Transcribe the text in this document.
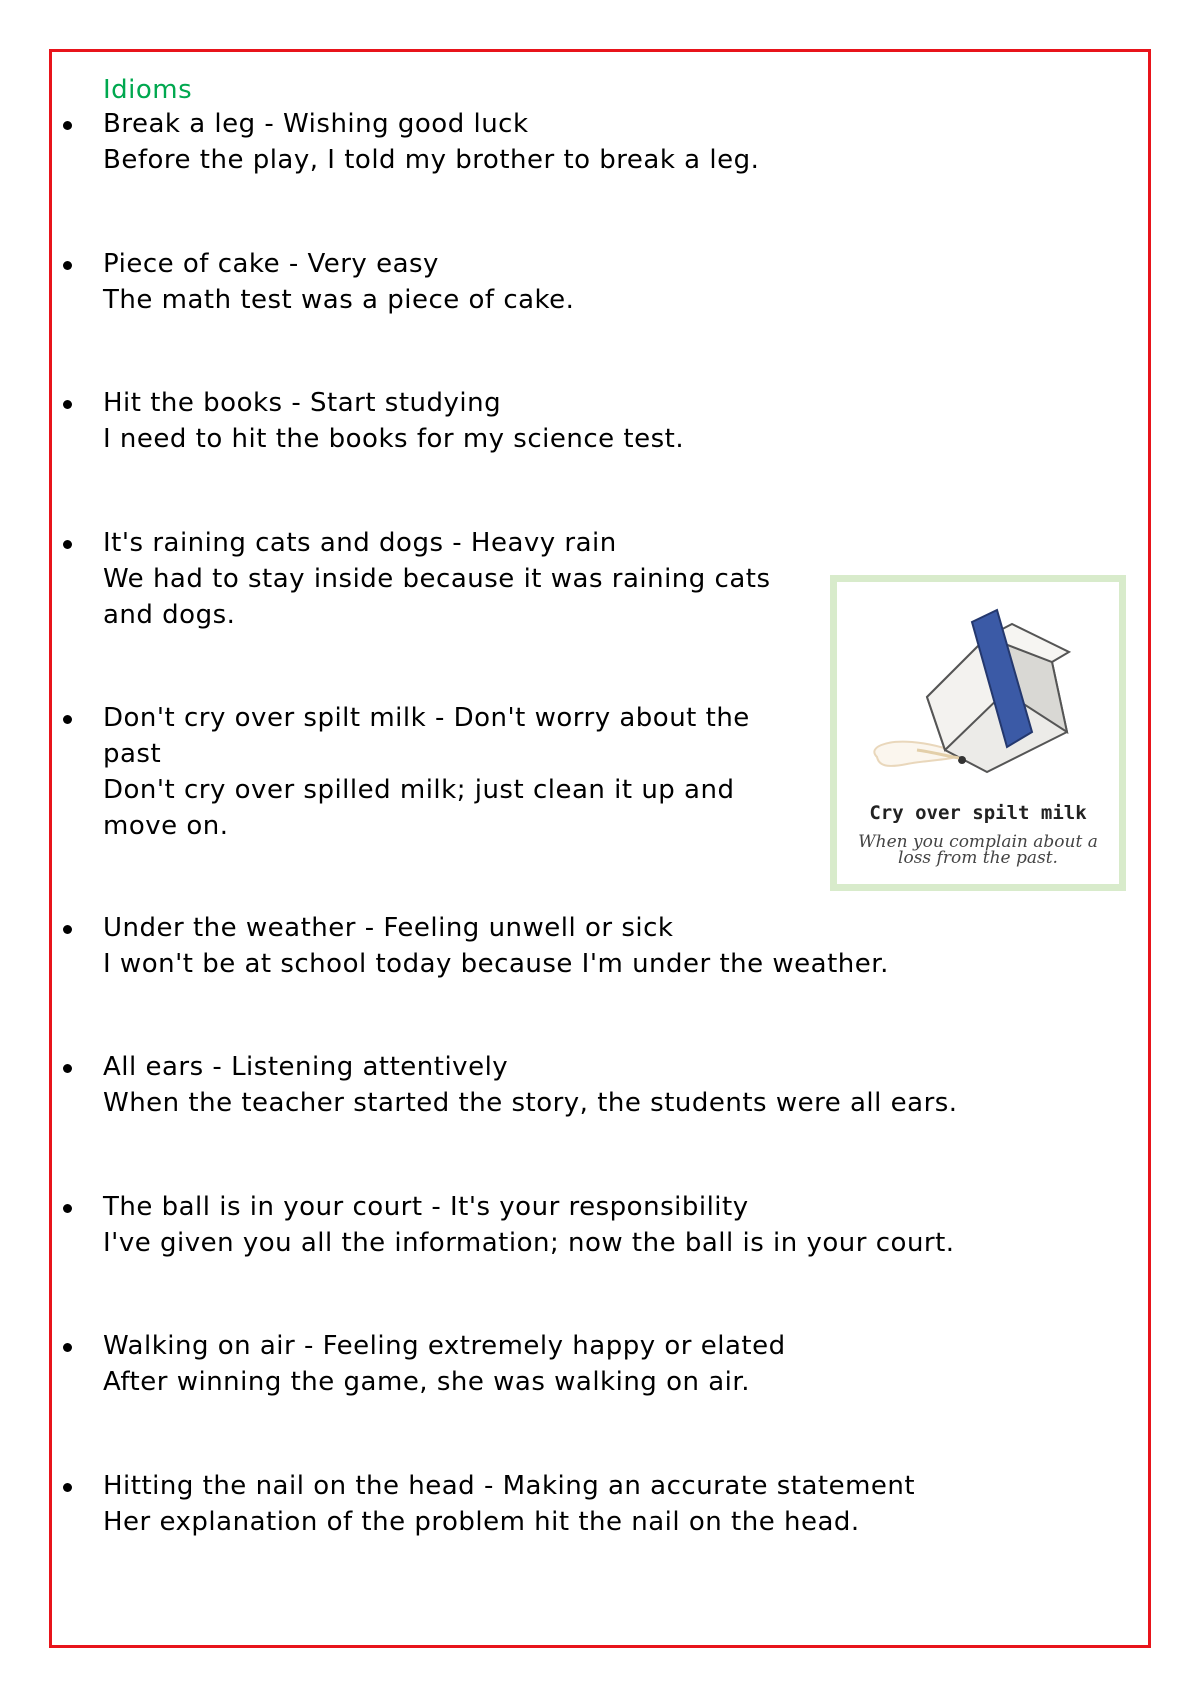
Idioms

Break a leg - Wishing good luck

Before the play, I told my brother to break a leg.

Piece of cake - Very easy

The math test was a piece of cake.

Hit the books - Start studying

I need to hit the books for my science test.

It's raining cats and dogs - Heavy rain

We had to stay inside because it was raining cats and dogs.

Don't cry over spilt milk - Don't worry about the past

Don't cry over spilled milk; just clean it up and move on.

Under the weather - Feeling unwell or sick

I won't be at school today because I'm under the weather.

All ears - Listening attentively

When the teacher started the story, the students were all ears.

The ball is in your court - It's your responsibility

I've given you all the information; now the ball is in your court.

Walking on air - Feeling extremely happy or elated

After winning the game, she was walking on air.

Hitting the nail on the head - Making an accurate statement

Her explanation of the problem hit the nail on the head.

Cry over spilt milk

When you complain about a loss from the past.
